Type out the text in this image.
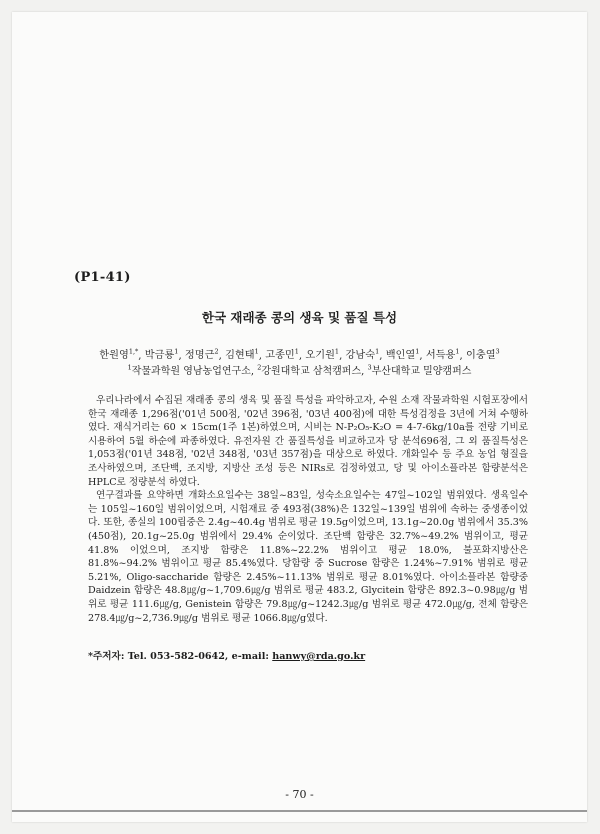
(P1-41)
한국 재래종 콩의 생육 및 품질 특성
한원영$^{1,*}$, 박금룡$^1$, 정명근$^2$, 김현태$^1$, 고종민$^1$, 오기원$^1$, 강남숙$^1$, 백인열$^1$, 서득용$^1$, 이충열$^3$
$^1$작물과학원 영남농업연구소, $^2$강원대학교 삼척캠퍼스, $^3$부산대학교 밀양캠퍼스

우리나라에서 수집된 재래종 콩의 생육 및 품질 특성을 파악하고자, 수원 소재 작물과학원 시험포장에서 한국 재래종 1,296점('01년 500점, '02년 396점, '03년 400점)에 대한 특성검정을 3년에 거쳐 수행하였다. 재식거리는 60 × 15cm(1주 1본)하였으며, 시비는 N-P₂O₅-K₂O = 4-7-6kg/10a를 전량 기비로 시용하여 5월 하순에 파종하였다. 유전자원 간 품질특성을 비교하고자 당 분석696점, 그 외 품질특성은 1,053점('01년 348점, '02년 348점, '03년 357점)을 대상으로 하였다. 개화일수 등 주요 농업 형질을 조사하였으며, 조단백, 조지방, 지방산 조성 등은 NIRs로 검정하였고, 당 및 아이소플라본 함량분석은 HPLC로 정량분석 하였다.

연구결과를 요약하면 개화소요일수는 38일~83일, 성숙소요일수는 47일~102일 범위였다. 생육일수는 105일~160일 범위이었으며, 시험재료 중 493점(38%)은 132일~139일 범위에 속하는 중생종이었다. 또한, 종실의 100립중은 2.4g~40.4g 범위로 평균 19.5g이었으며, 13.1g~20.0g 범위에서 35.3%(450점), 20.1g~25.0g 범위에서 29.4% 순이었다. 조단백 함량은 32.7%~49.2% 범위이고, 평균 41.8% 이었으며, 조지방 함량은 11.8%~22.2% 범위이고 평균 18.0%, 불포화지방산은 81.8%~94.2% 범위이고 평균 85.4%였다. 당함량 중 Sucrose 함량은 1.24%~7.91% 범위로 평균 5.21%, Oligo-saccharide 함량은 2.45%~11.13% 범위로 평균 8.01%였다. 아이소플라본 함량중 Daidzein 함량은 48.8㎍/g~1,709.6㎍/g 범위로 평균 483.2, Glycitein 함량은 892.3~0.98㎍/g 범위로 평균 111.6㎍/g, Genistein 함량은 79.8㎍/g~1242.3㎍/g 범위로 평균 472.0㎍/g, 전체 함량은 278.4㎍/g~2,736.9㎍/g 범위로 평균 1066.8㎍/g였다.

*주저자: Tel. 053-582-0642, e-mail: hanwy@rda.go.kr
- 70 -
